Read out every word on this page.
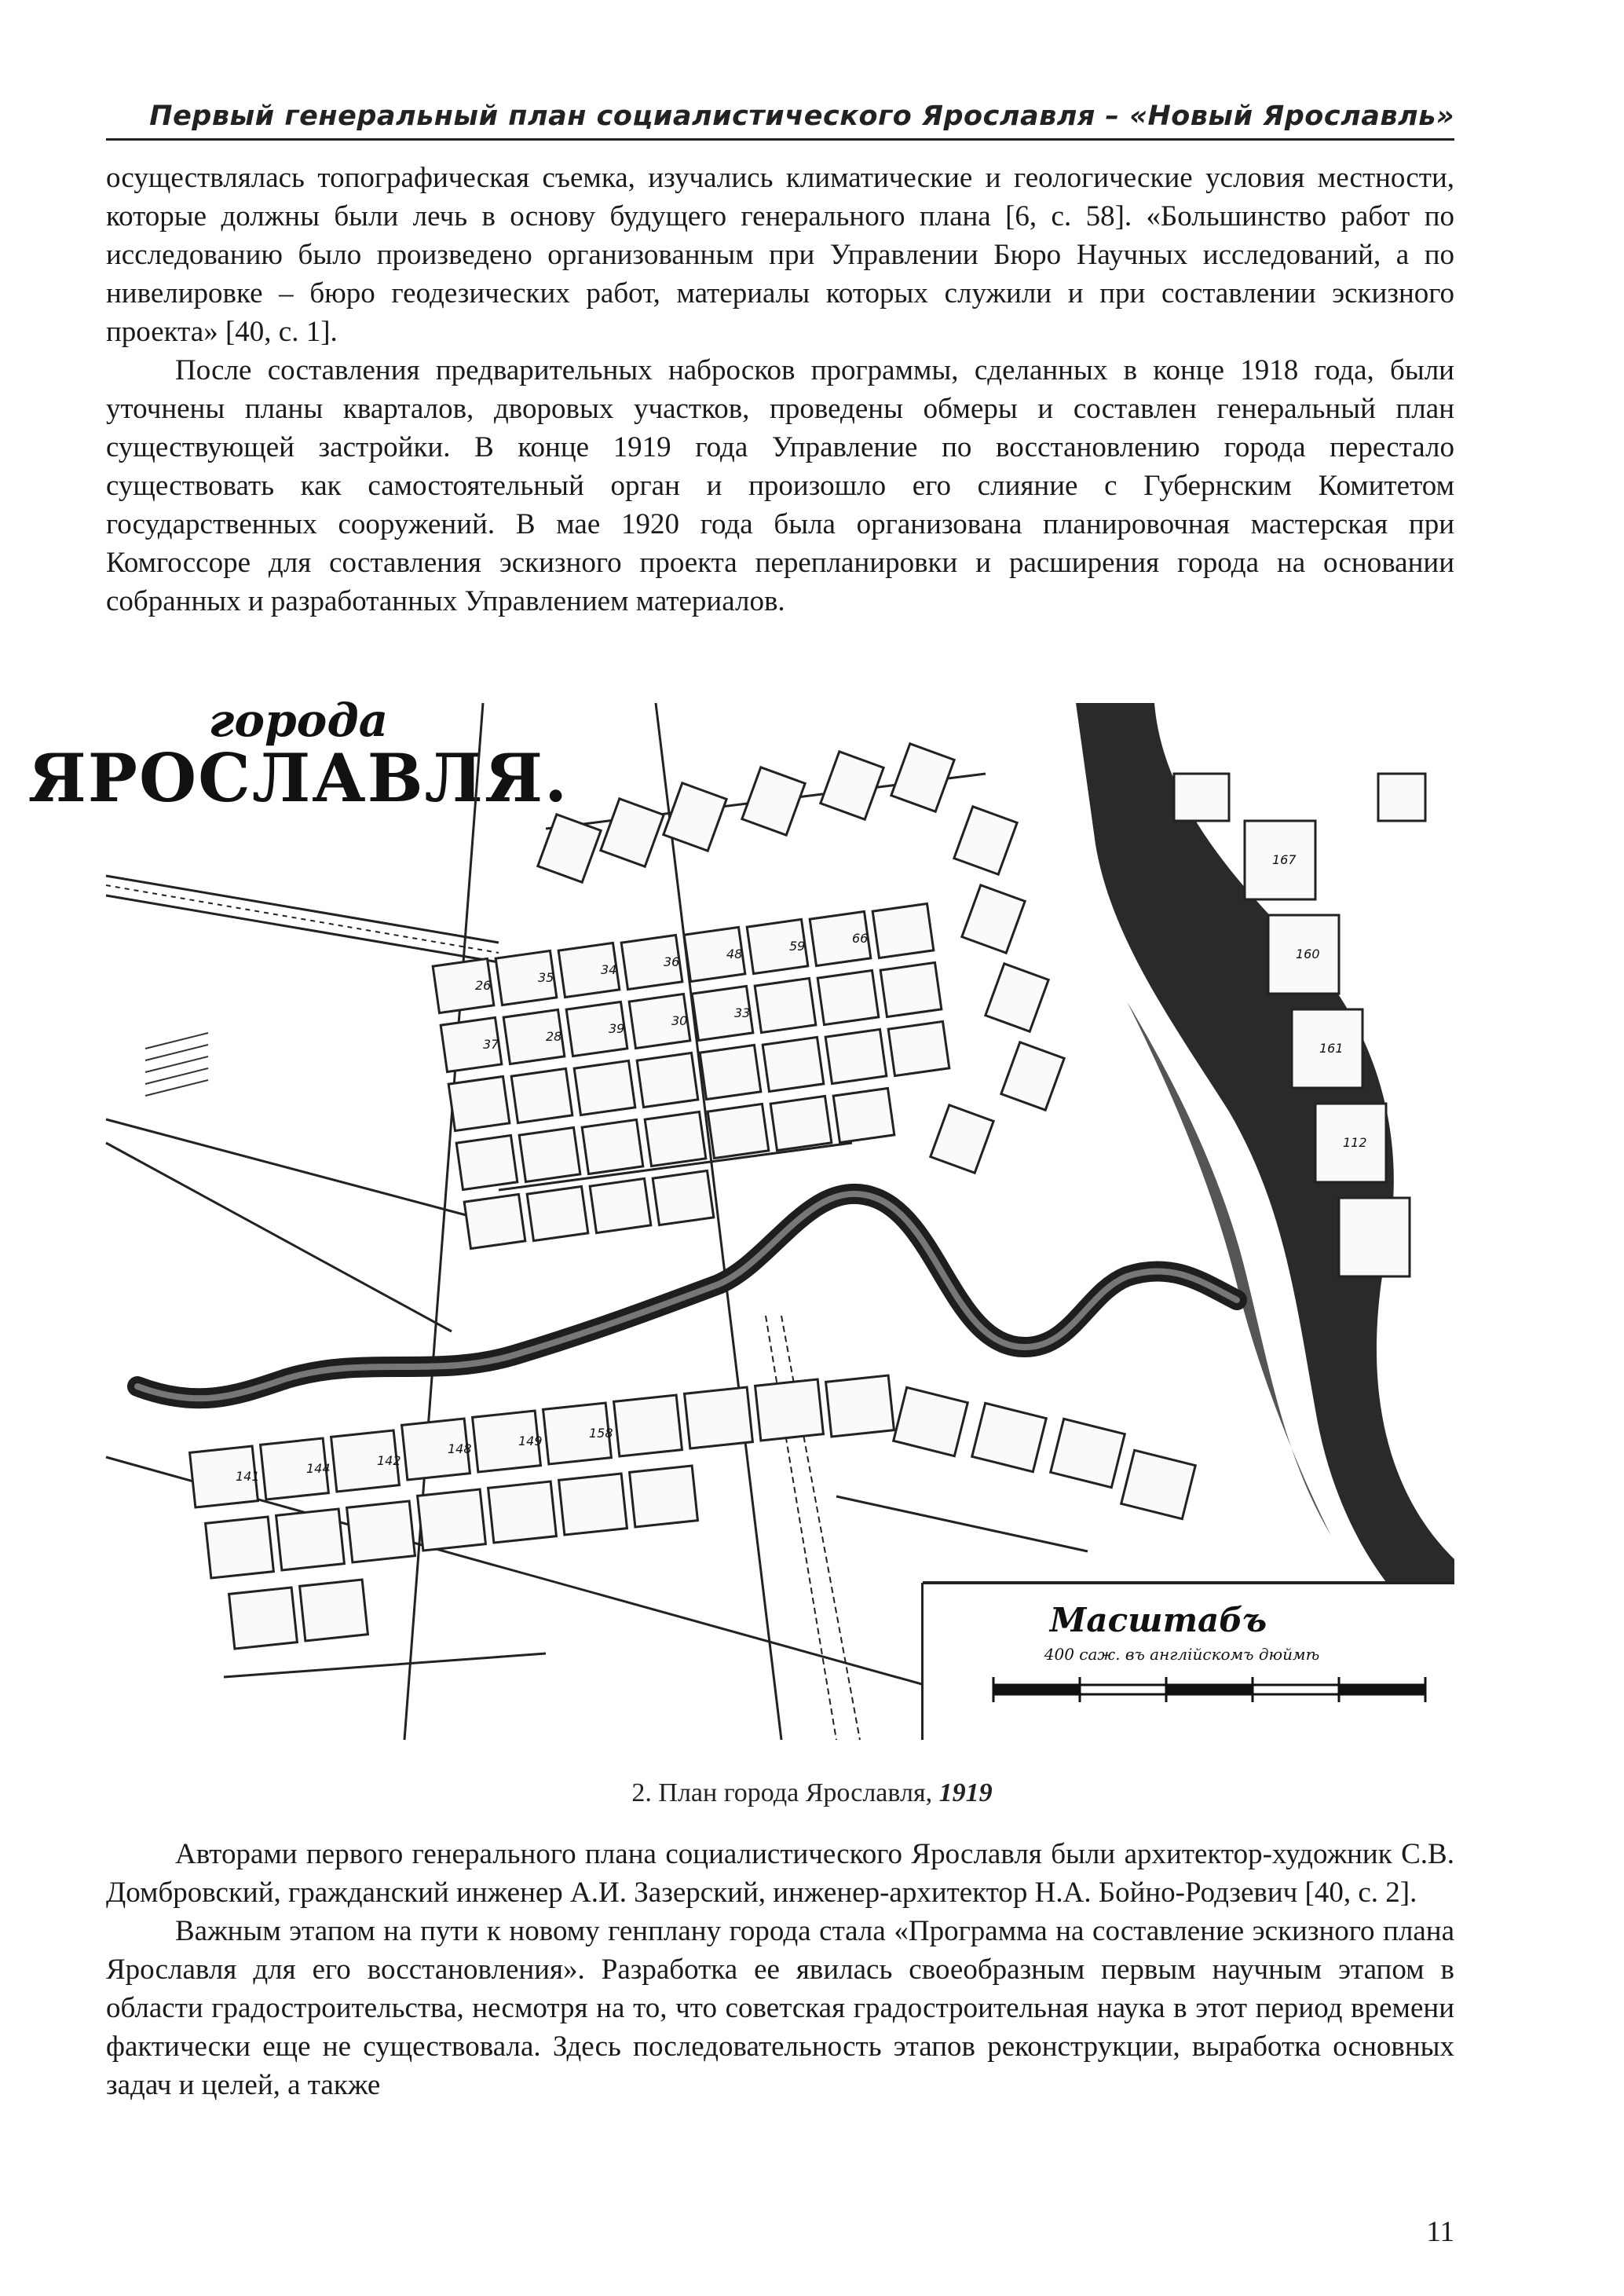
Первый генеральный план социалистического Ярославля – «Новый Ярославль»

осуществлялась топографическая съемка, изучались климатические и геологические условия местности, которые должны были лечь в основу будущего генерального плана [6, с. 58]. «Большинство работ по исследованию было произведено организованным при Управлении Бюро Научных исследований, а по нивелировке – бюро геодезических работ, материалы которых служили и при составлении эскизного проекта» [40, с. 1].

После составления предварительных набросков программы, сделанных в конце 1918 года, были уточнены планы кварталов, дворовых участков, проведены обмеры и составлен генеральный план существующей застройки. В конце 1919 года Управление по восстановлению города перестало существовать как самостоятельный орган и произошло его слияние с Губернским Комитетом государственных сооружений. В мае 1920 года была организована планировочная мастерская при Комгоссоре для составления эскизного проекта перепланировки и расширения города на основании собранных и разработанных Управлением материалов.

города
ЯРОСЛАВЛЯ.
167
141
144
142
148
149
158
26
35
34
36
48
59
66
37
28
39
30
33
160
161
112
Масштабъ
400 саж. въ англійскомъ дюймѣ
2. План города Ярославля, 1919

Авторами первого генерального плана социалистического Ярославля были архитектор-художник С.В. Домбровский, гражданский инженер А.И. Зазерский, инженер-архитектор Н.А. Бойно-Родзевич [40, с. 2].

Важным этапом на пути к новому генплану города стала «Программа на составление эскизного плана Ярославля для его восстановления». Разработка ее явилась своеобразным первым научным этапом в области градостроительства, несмотря на то, что советская градостроительная наука в этот период времени фактически еще не существовала. Здесь последовательность этапов реконструкции, выработка основных задач и целей, а также

11
